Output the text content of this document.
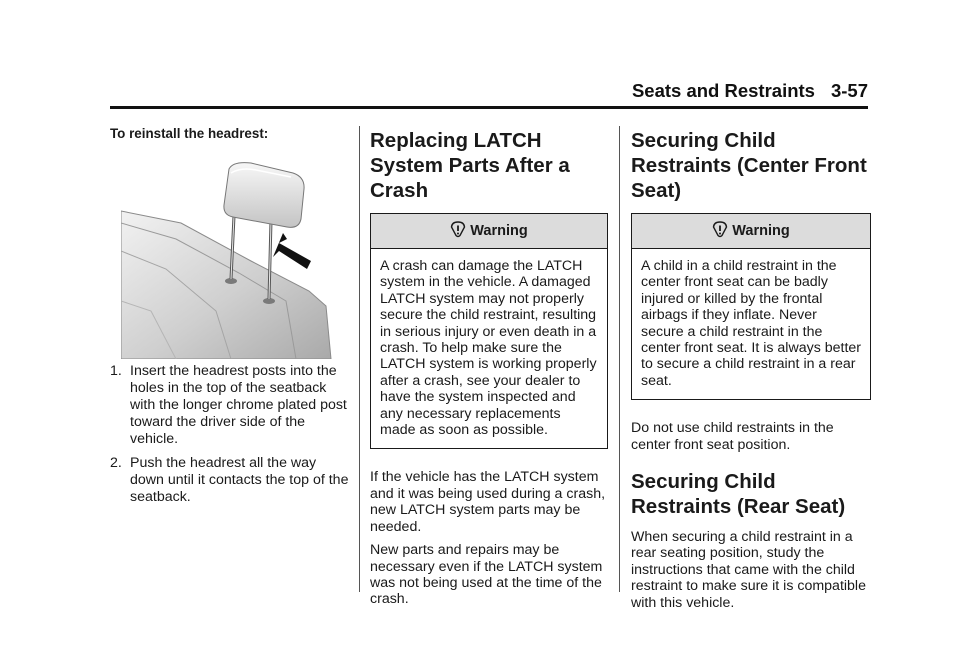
Seats and Restraints 3-57
To reinstall the headrest:
1. Insert the headrest posts into the holes in the top of the seatback with the longer chrome plated post toward the driver side of the vehicle.
2. Push the headrest all the way down until it contacts the top of the seatback.
Replacing LATCH System Parts After a Crash
Warning
A crash can damage the LATCH system in the vehicle. A damaged LATCH system may not properly secure the child restraint, resulting in serious injury or even death in a crash. To help make sure the LATCH system is working properly after a crash, see your dealer to have the system inspected and any necessary replacements made as soon as possible.

If the vehicle has the LATCH system and it was being used during a crash, new LATCH system parts may be needed.

New parts and repairs may be necessary even if the LATCH system was not being used at the time of the crash.

Securing Child Restraints (Center Front Seat)
Warning
A child in a child restraint in the center front seat can be badly injured or killed by the frontal airbags if they inflate. Never secure a child restraint in the center front seat. It is always better to secure a child restraint in a rear seat.

Do not use child restraints in the center front seat position.

Securing Child Restraints (Rear Seat)

When securing a child restraint in a rear seating position, study the instructions that came with the child restraint to make sure it is compatible with this vehicle.
